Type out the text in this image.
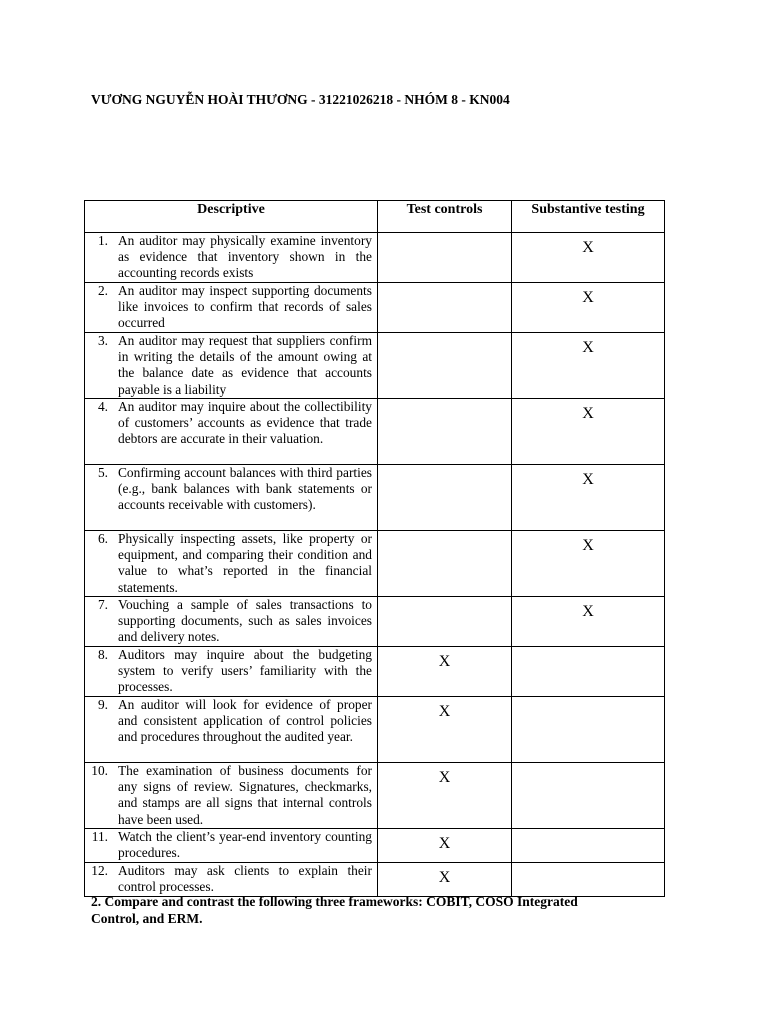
VƯƠNG NGUYỄN HOÀI THƯƠNG - 31221026218 - NHÓM 8 - KN004
Descriptive	Test controls	Substantive testing

1. An auditor may physically examine inventory as evidence that inventory shown in the accounting records exists		X

2. An auditor may inspect supporting documents like invoices to confirm that records of sales occurred		X

3. An auditor may request that suppliers confirm in writing the details of the amount owing at the balance date as evidence that accounts payable is a liability		X

4. An auditor may inquire about the collectibility of customers’ accounts as evidence that trade debtors are accurate in their valuation.		X

5. Confirming account balances with third parties (e.g., bank balances with bank statements or accounts receivable with customers).		X

6. Physically inspecting assets, like property or equipment, and comparing their condition and value to what’s reported in the financial statements.		X

7. Vouching a sample of sales transactions to supporting documents, such as sales invoices and delivery notes.		X

8. Auditors may inquire about the budgeting system to verify users’ familiarity with the processes.	X	

9. An auditor will look for evidence of proper and consistent application of control policies and procedures throughout the audited year.	X	

10. The examination of business documents for any signs of review. Signatures, checkmarks, and stamps are all signs that internal controls have been used.	X	

11. Watch the client’s year-end inventory counting procedures.	X	

12. Auditors may ask clients to explain their control processes.	X	

2. Compare and contrast the following three frameworks: COBIT, COSO Integrated Control, and ERM.
